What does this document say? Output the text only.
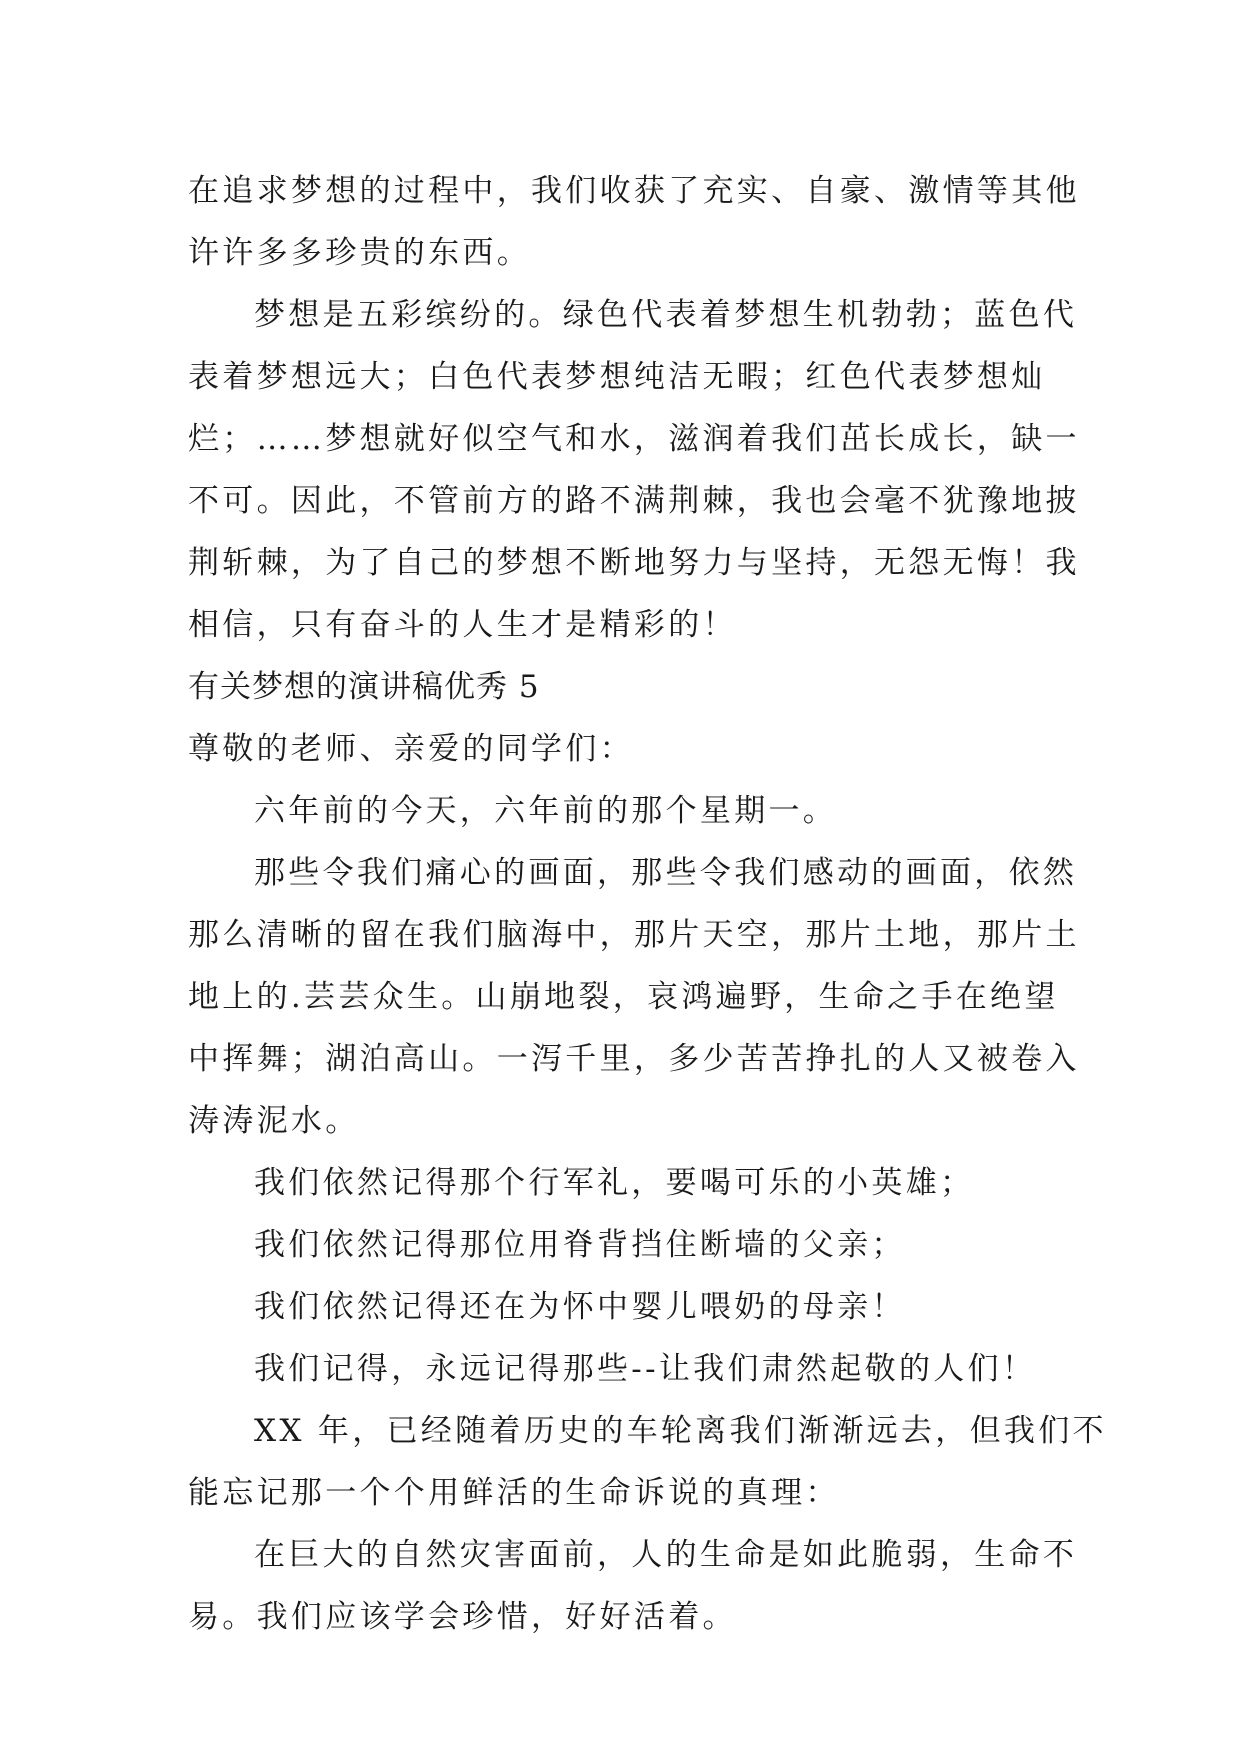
在追求梦想的过程中，我们收获了充实、自豪、激情等其他
许许多多珍贵的东西。
梦想是五彩缤纷的。绿色代表着梦想生机勃勃；蓝色代
表着梦想远大；白色代表梦想纯洁无暇；红色代表梦想灿
烂；……梦想就好似空气和水，滋润着我们茁长成长，缺一
不可。因此，不管前方的路不满荆棘，我也会毫不犹豫地披
荆斩棘，为了自己的梦想不断地努力与坚持，无怨无悔！我
相信，只有奋斗的人生才是精彩的！
有关梦想的演讲稿优秀 5
尊敬的老师、亲爱的同学们：
六年前的今天，六年前的那个星期一。
那些令我们痛心的画面，那些令我们感动的画面，依然
那么清晰的留在我们脑海中，那片天空，那片土地，那片土
地上的.芸芸众生。山崩地裂，哀鸿遍野，生命之手在绝望
中挥舞；湖泊高山。一泻千里，多少苦苦挣扎的人又被卷入
涛涛泥水。
我们依然记得那个行军礼，要喝可乐的小英雄；
我们依然记得那位用脊背挡住断墙的父亲；
我们依然记得还在为怀中婴儿喂奶的母亲！
我们记得，永远记得那些--让我们肃然起敬的人们！
XX 年，已经随着历史的车轮离我们渐渐远去，但我们不
能忘记那一个个用鲜活的生命诉说的真理：
在巨大的自然灾害面前，人的生命是如此脆弱，生命不
易。我们应该学会珍惜，好好活着。
